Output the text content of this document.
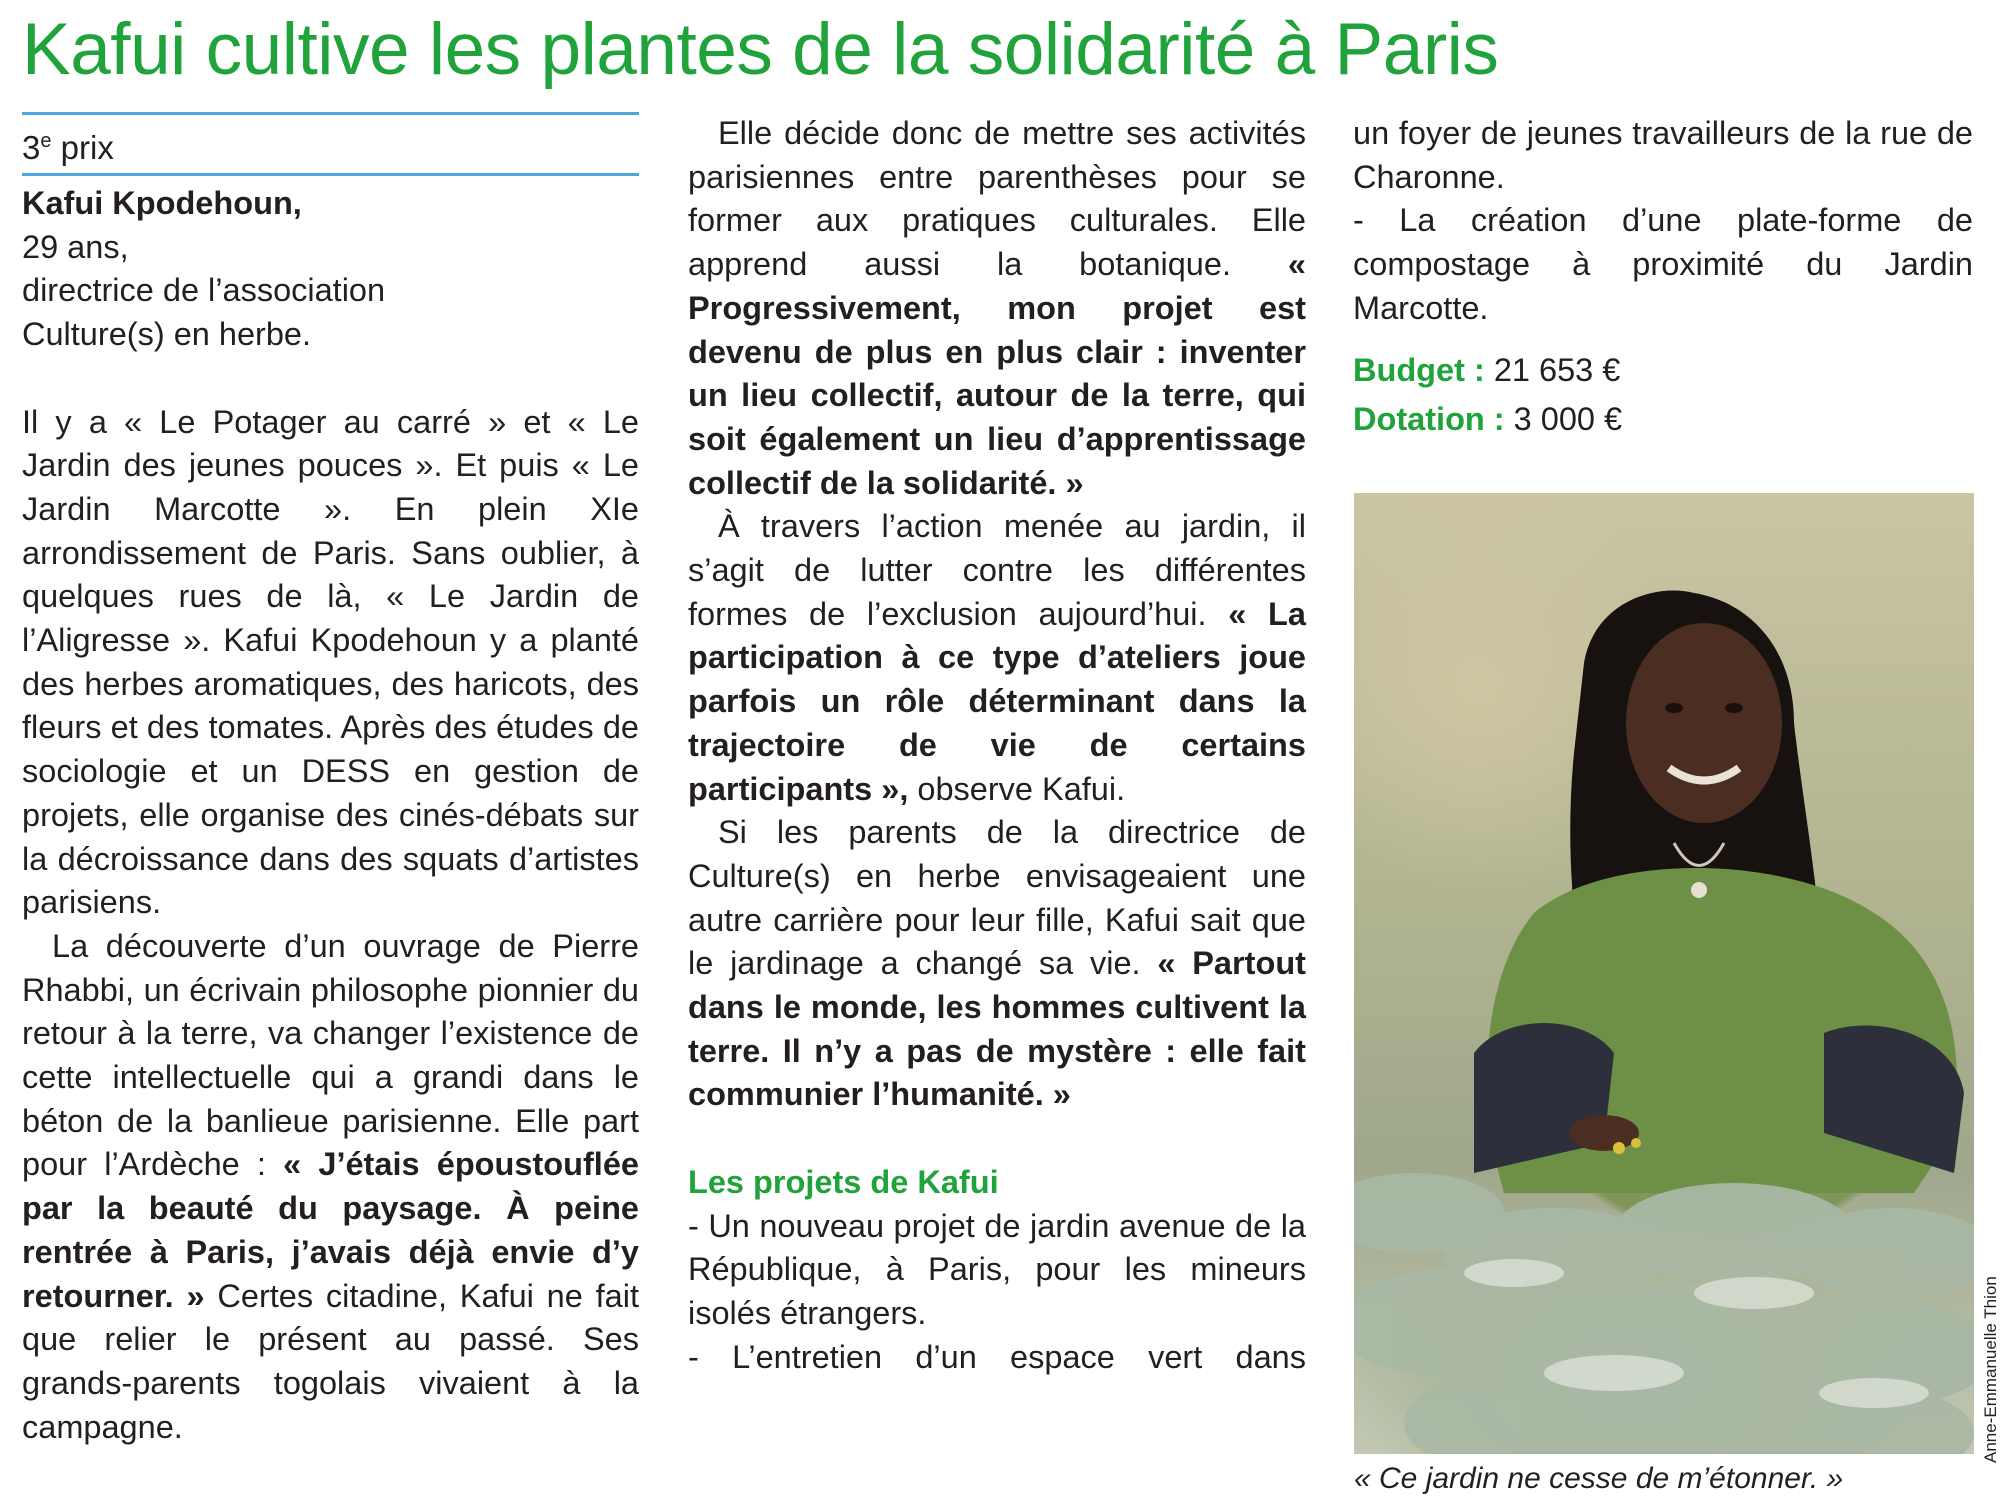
Kafui cultive les plantes de la solidarité à Paris
3e prix

Kafui Kpodehoun,

29 ans,

directrice de l’association

Culture(s) en herbe.

Il y a « Le Potager au carré » et « Le Jardin des jeunes pouces ». Et puis « Le Jardin Marcotte ». En plein XIe arrondissement de Paris. Sans oublier, à quelques rues de là, « Le Jardin de l’Aligresse ». Kafui Kpodehoun y a planté des herbes aromatiques, des haricots, des fleurs et des tomates. Après des études de sociologie et un DESS en gestion de projets, elle organise des cinés-débats sur la décroissance dans des squats d’artistes parisiens.

La découverte d’un ouvrage de Pierre Rhabbi, un écrivain philosophe pionnier du retour à la terre, va changer l’existence de cette intellectuelle qui a grandi dans le béton de la banlieue parisienne. Elle part pour l’Ardèche : « J’étais époustouflée par la beauté du paysage. À peine rentrée à Paris, j’avais déjà envie d’y retourner. » Certes citadine, Kafui ne fait que relier le présent au passé. Ses grands-parents togolais vivaient à la campagne.

Elle décide donc de mettre ses activités parisiennes entre parenthèses pour se former aux pratiques culturales. Elle apprend aussi la botanique. « Progressivement, mon projet est devenu de plus en plus clair : inventer un lieu collectif, autour de la terre, qui soit également un lieu d’apprentissage collectif de la solidarité. »

À travers l’action menée au jardin, il s’agit de lutter contre les différentes formes de l’exclusion aujourd’hui. « La participation à ce type d’ateliers joue parfois un rôle déterminant dans la trajectoire de vie de certains participants », observe Kafui.

Si les parents de la directrice de Culture(s) en herbe envisageaient une autre carrière pour leur fille, Kafui sait que le jardinage a changé sa vie. « Partout dans le monde, les hommes cultivent la terre. Il n’y a pas de mystère : elle fait communier l’humanité. »

Les projets de Kafui

- Un nouveau projet de jardin avenue de la République, à Paris, pour les mineurs isolés étrangers.

- L’entretien d’un espace vert dans

un foyer de jeunes travailleurs de la rue de Charonne.

- La création d’une plate-forme de compostage à proximité du Jardin Marcotte.

Budget : 21 653 €

Dotation : 3 000 €

Anne-Emmanuelle Thion
« Ce jardin ne cesse de m’étonner. »
